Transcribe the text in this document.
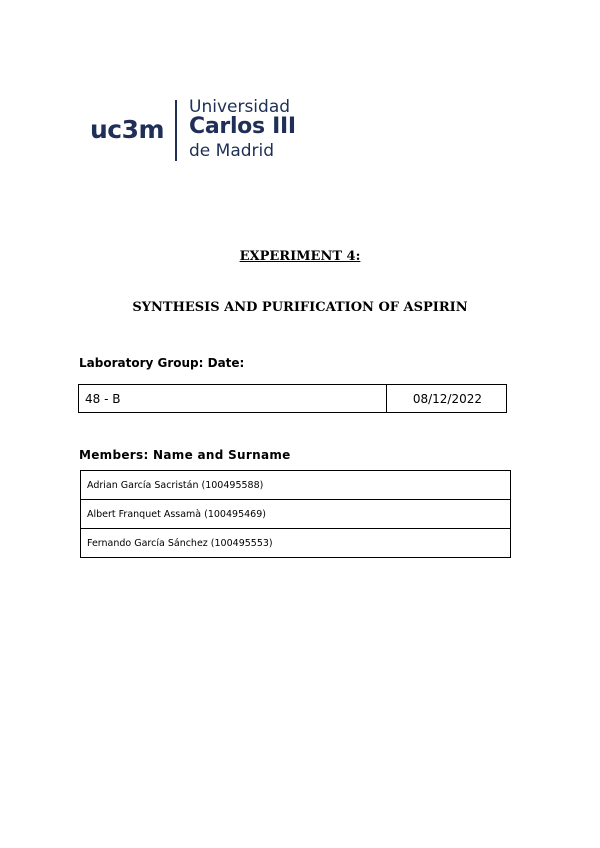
uc3m
Universidad
Carlos III
de Madrid
EXPERIMENT 4:
SYNTHESIS AND PURIFICATION OF ASPIRIN
Laboratory Group: Date:
48 - B	08/12/2022
Members: Name and Surname
Adrian García Sacristán (100495588)
Albert Franquet Assamà (100495469)
Fernando García Sánchez (100495553)
